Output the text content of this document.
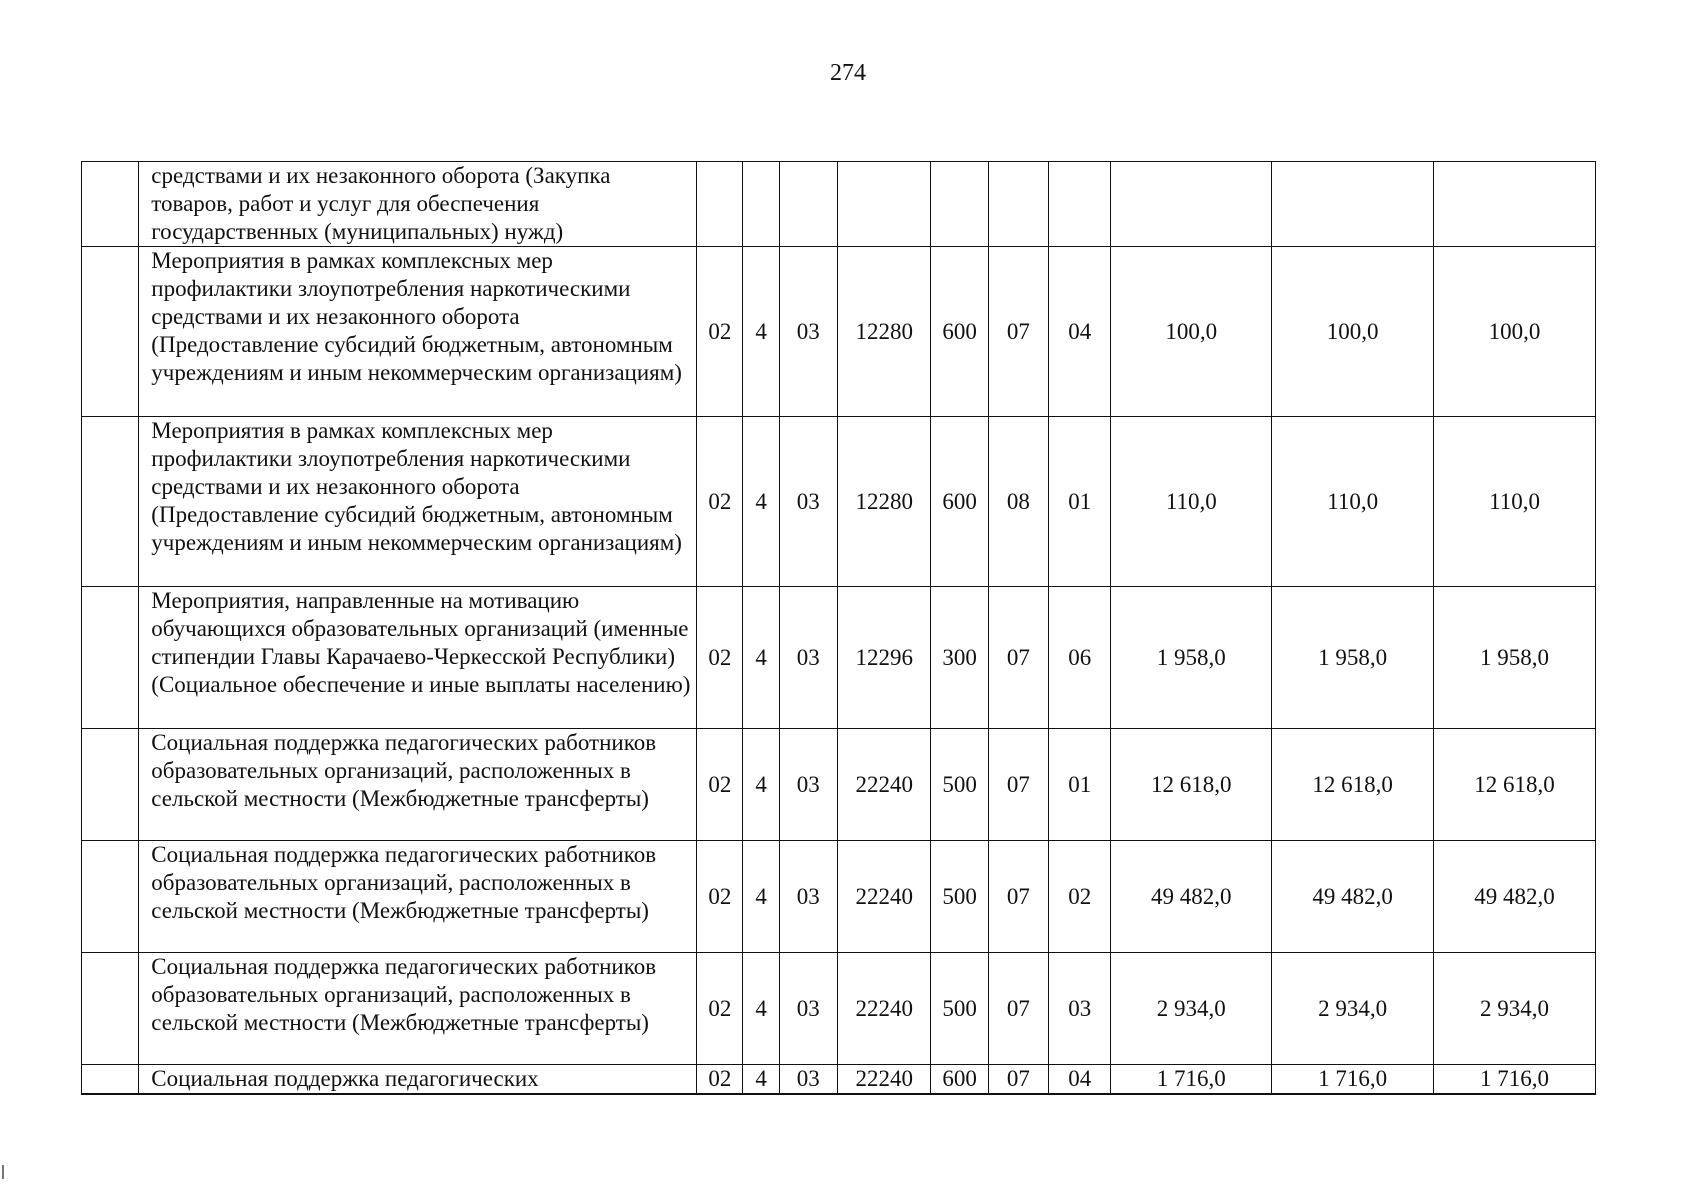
274
	средствами и их незаконного оборота (Закупка товаров, работ и услуг для обеспечения государственных (муниципальных) нужд)										
	Мероприятия в рамках комплексных мер профилактики злоупотребления наркотическими средствами и их незаконного оборота (Предоставление субсидий бюджетным, автономным учреждениям и иным некоммерческим организациям)	02	4	03	12280	600	07	04	100,0	100,0	100,0
	Мероприятия в рамках комплексных мер профилактики злоупотребления наркотическими средствами и их незаконного оборота (Предоставление субсидий бюджетным, автономным учреждениям и иным некоммерческим организациям)	02	4	03	12280	600	08	01	110,0	110,0	110,0
	Мероприятия, направленные на мотивацию обучающихся образовательных организаций (именные стипендии Главы Карачаево-Черкесской Республики) (Социальное обеспечение и иные выплаты населению)	02	4	03	12296	300	07	06	1 958,0	1 958,0	1 958,0
	Социальная поддержка педагогических работников образовательных организаций, расположенных в сельской местности (Межбюджетные трансферты)	02	4	03	22240	500	07	01	12 618,0	12 618,0	12 618,0
	Социальная поддержка педагогических работников образовательных организаций, расположенных в сельской местности (Межбюджетные трансферты)	02	4	03	22240	500	07	02	49 482,0	49 482,0	49 482,0
	Социальная поддержка педагогических работников образовательных организаций, расположенных в сельской местности (Межбюджетные трансферты)	02	4	03	22240	500	07	03	2 934,0	2 934,0	2 934,0
	Социальная поддержка педагогических	02	4	03	22240	600	07	04	1 716,0	1 716,0	1 716,0
